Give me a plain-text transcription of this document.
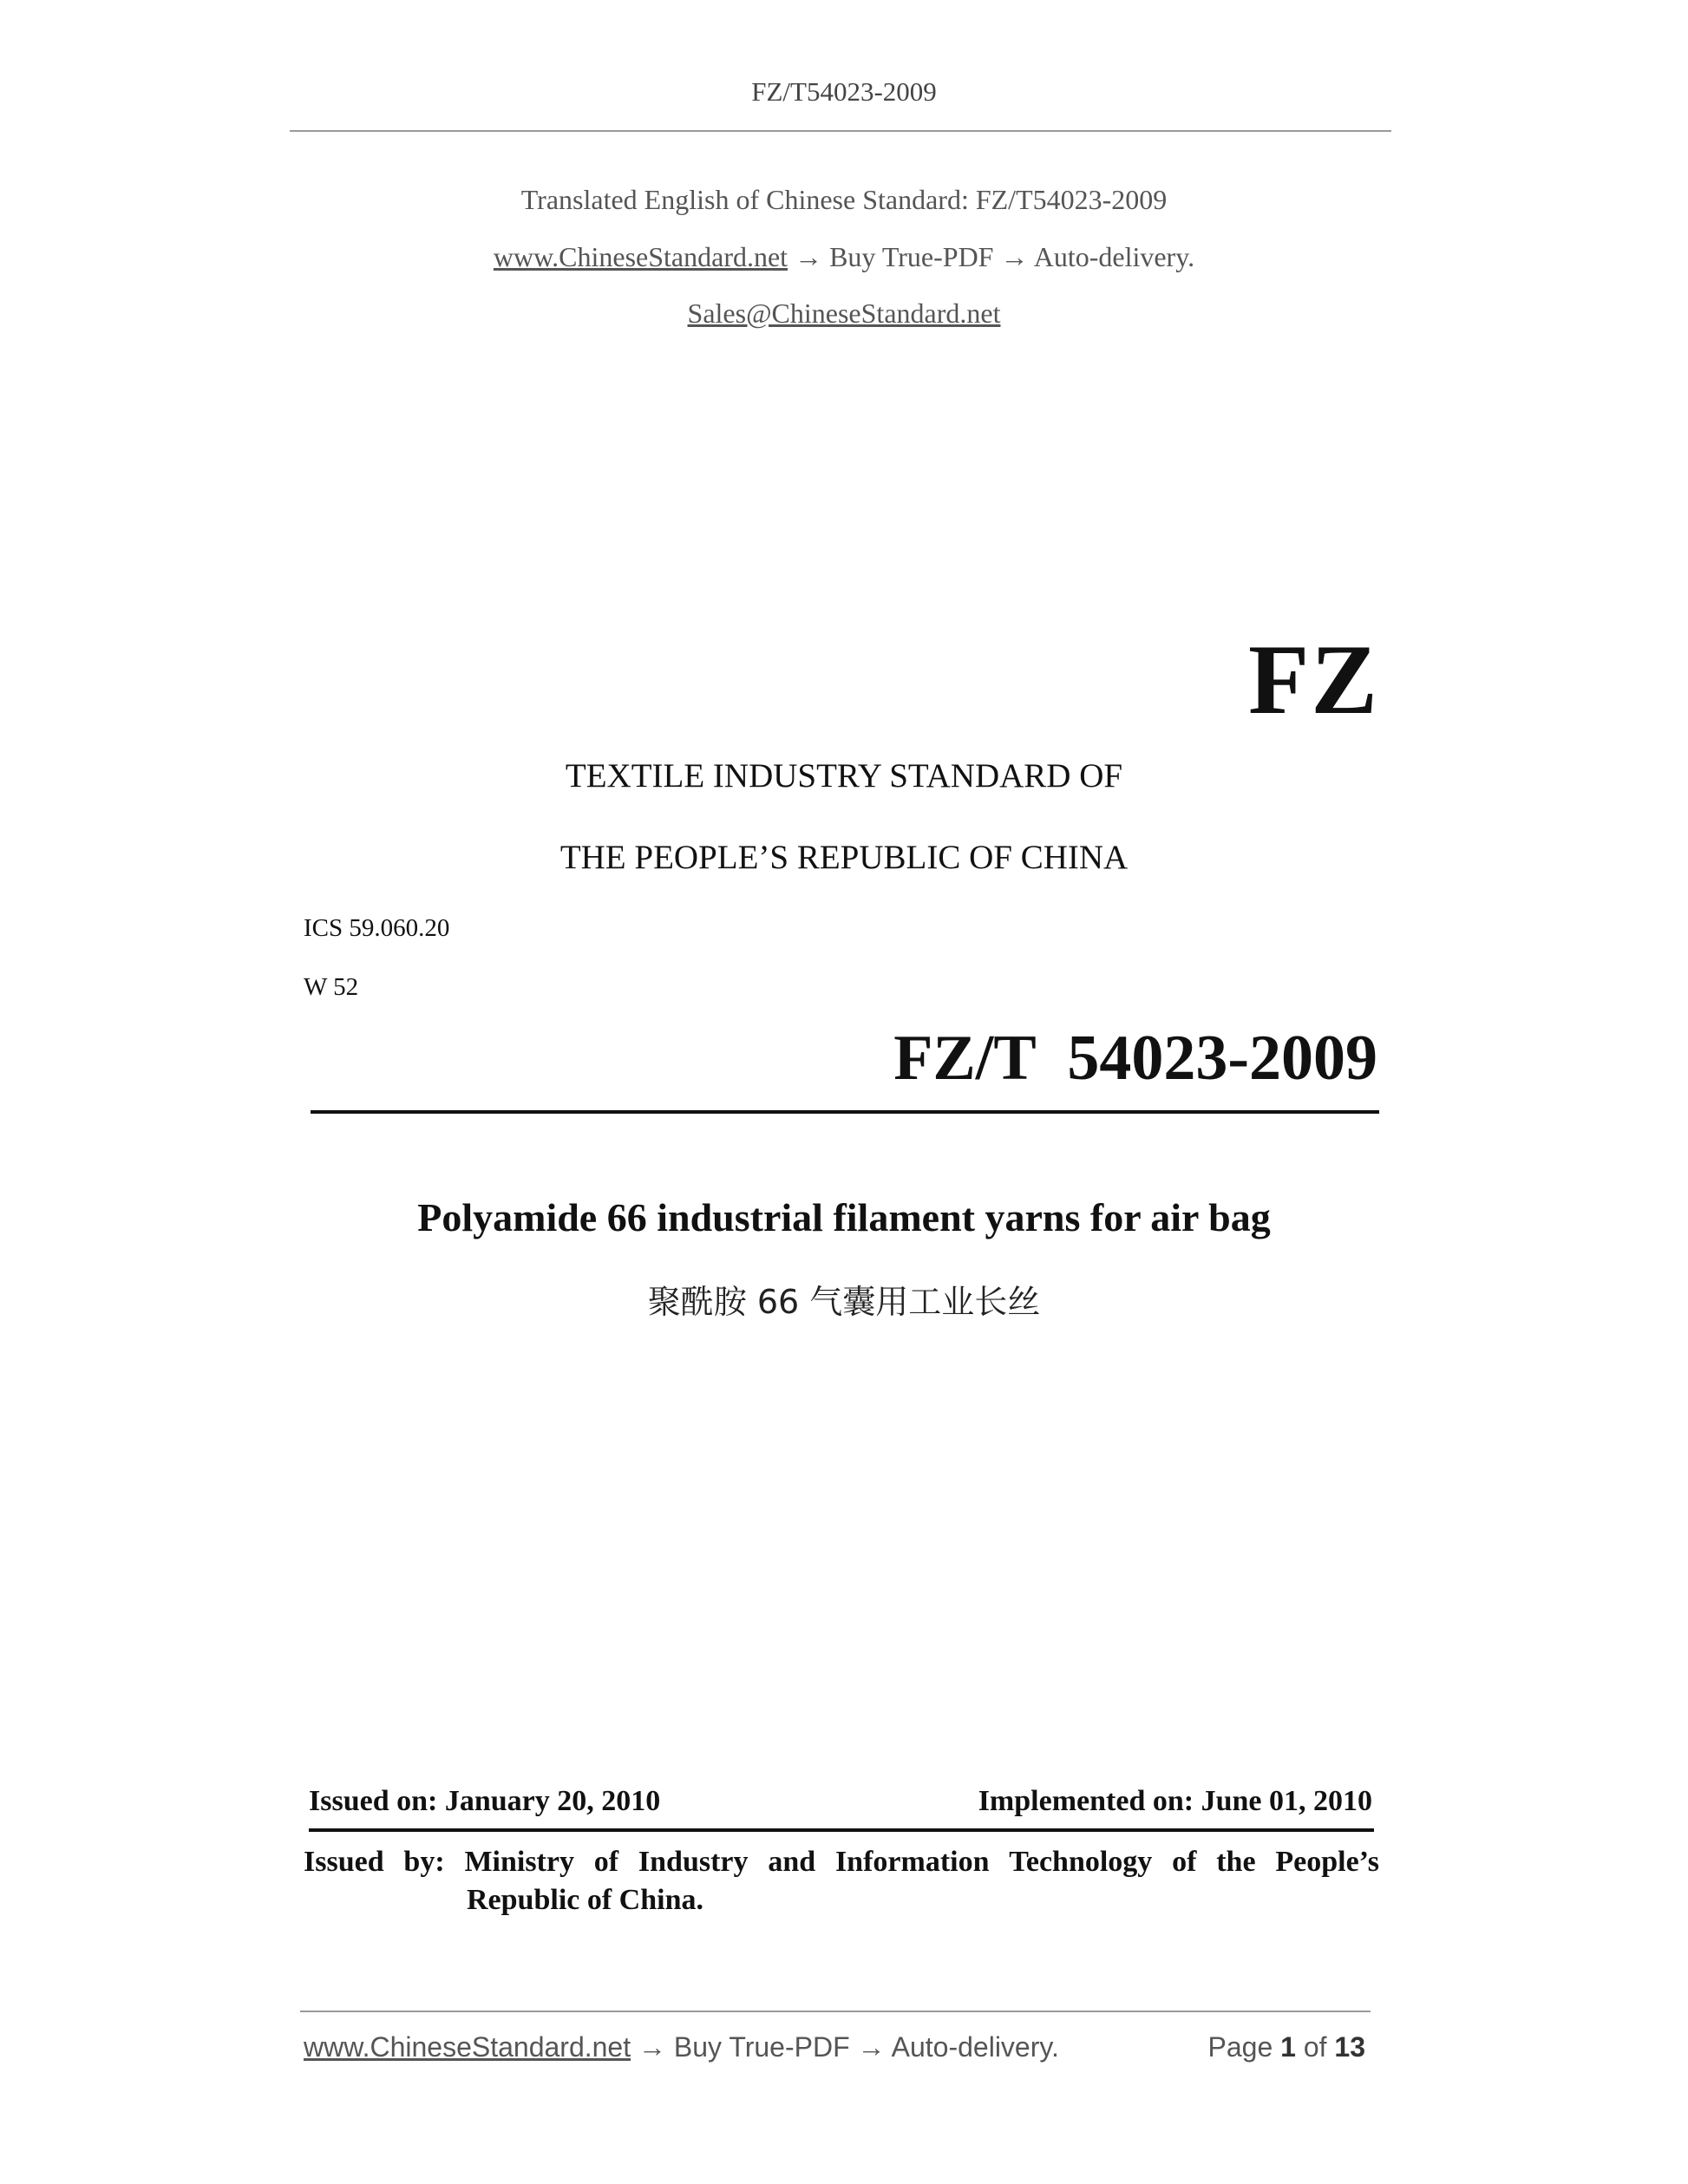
FZ/T54023-2009
Translated English of Chinese Standard: FZ/T54023-2009
www.ChineseStandard.net → Buy True-PDF → Auto-delivery.
Sales@ChineseStandard.net
FZ
TEXTILE INDUSTRY STANDARD OF
THE PEOPLE’S REPUBLIC OF CHINA
ICS 59.060.20
W 52
FZ/T  54023-2009
Polyamide 66 industrial filament yarns for air bag
聚酰胺 66 气囊用工业长丝
Issued on: January 20, 2010	Implemented on: June 01, 2010
Issued by: Ministry of Industry and Information Technology of the People’s
Republic of China.
www.ChineseStandard.net → Buy True-PDF → Auto-delivery.	Page 1 of 13
